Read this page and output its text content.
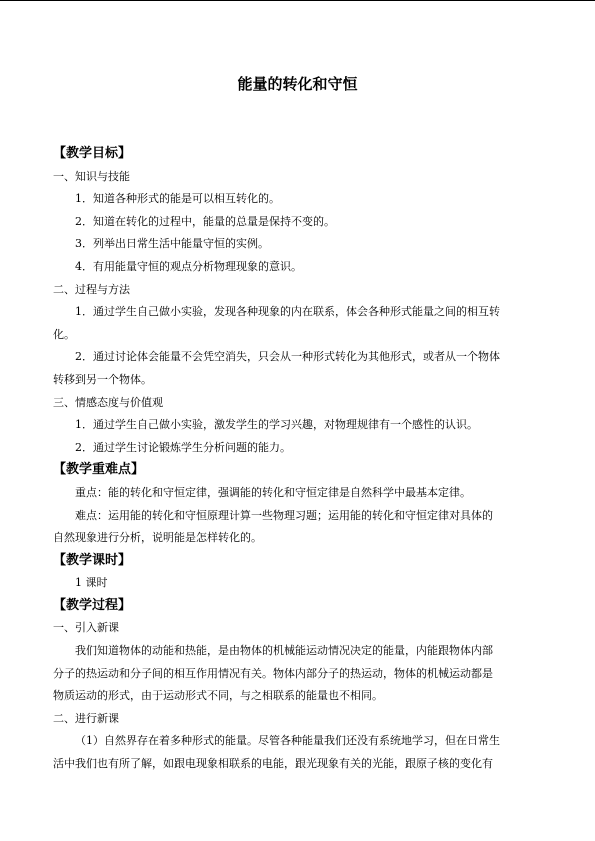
能量的转化和守恒
【教学目标】
一、知识与技能
1．知道各种形式的能是可以相互转化的。
2．知道在转化的过程中，能量的总量是保持不变的。
3．列举出日常生活中能量守恒的实例。
4．有用能量守恒的观点分析物理现象的意识。
二、过程与方法
1．通过学生自己做小实验，发现各种现象的内在联系，体会各种形式能量之间的相互转
化。
2．通过讨论体会能量不会凭空消失，只会从一种形式转化为其他形式，或者从一个物体
转移到另一个物体。
三、情感态度与价值观
1．通过学生自己做小实验，激发学生的学习兴趣，对物理规律有一个感性的认识。
2．通过学生讨论锻炼学生分析问题的能力。
【教学重难点】
重点：能的转化和守恒定律，强调能的转化和守恒定律是自然科学中最基本定律。
难点：运用能的转化和守恒原理计算一些物理习题；运用能的转化和守恒定律对具体的
自然现象进行分析，说明能是怎样转化的。
【教学课时】
1 课时
【教学过程】
一、引入新课
我们知道物体的动能和热能，是由物体的机械能运动情况决定的能量，内能跟物体内部
分子的热运动和分子间的相互作用情况有关。物体内部分子的热运动，物体的机械运动都是
物质运动的形式，由于运动形式不同，与之相联系的能量也不相同。
二、进行新课
（1）自然界存在着多种形式的能量。尽管各种能量我们还没有系统地学习，但在日常生
活中我们也有所了解，如跟电现象相联系的电能，跟光现象有关的光能，跟原子核的变化有
